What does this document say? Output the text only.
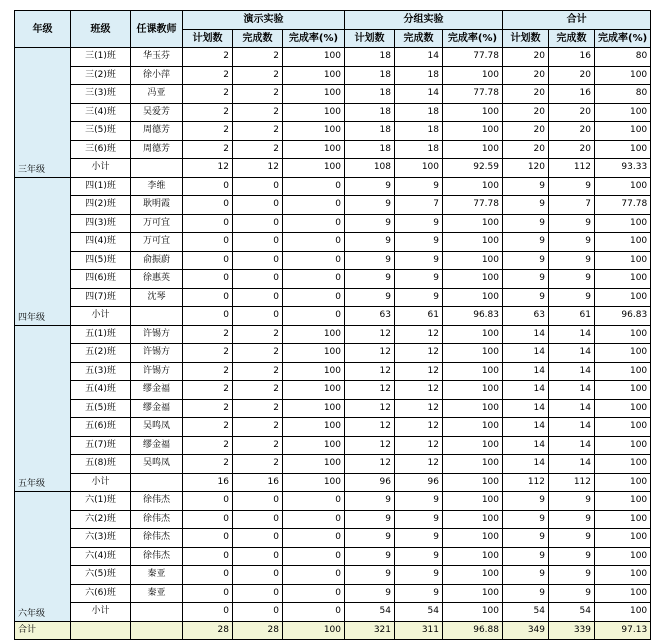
年级	班级	任课教师	演示实验			分组实验			合计		
			计划数	完成数	完成率(%)	计划数	完成数	完成率(%)	计划数	完成数	完成率(%)
三年级	三(1)班	华玉芬	2	2	100	18	14	77.78	20	16	80
	三(2)班	徐小萍	2	2	100	18	18	100	20	20	100
	三(3)班	冯亚	2	2	100	18	14	77.78	20	16	80
	三(4)班	吴爱芳	2	2	100	18	18	100	20	20	100
	三(5)班	周德芳	2	2	100	18	18	100	20	20	100
	三(6)班	周德芳	2	2	100	18	18	100	20	20	100
	小计		12	12	100	108	100	92.59	120	112	93.33
四年级	四(1)班	李维	0	0	0	9	9	100	9	9	100
	四(2)班	耿明霞	0	0	0	9	7	77.78	9	7	77.78
	四(3)班	万可宜	0	0	0	9	9	100	9	9	100
	四(4)班	万可宜	0	0	0	9	9	100	9	9	100
	四(5)班	俞振蔚	0	0	0	9	9	100	9	9	100
	四(6)班	徐惠英	0	0	0	9	9	100	9	9	100
	四(7)班	沈琴	0	0	0	9	9	100	9	9	100
	小计		0	0	0	63	61	96.83	63	61	96.83
五年级	五(1)班	许锡方	2	2	100	12	12	100	14	14	100
	五(2)班	许锡方	2	2	100	12	12	100	14	14	100
	五(3)班	许锡方	2	2	100	12	12	100	14	14	100
	五(4)班	缪金福	2	2	100	12	12	100	14	14	100
	五(5)班	缪金福	2	2	100	12	12	100	14	14	100
	五(6)班	吴鸣凤	2	2	100	12	12	100	14	14	100
	五(7)班	缪金福	2	2	100	12	12	100	14	14	100
	五(8)班	吴鸣凤	2	2	100	12	12	100	14	14	100
	小计		16	16	100	96	96	100	112	112	100
六年级	六(1)班	徐伟杰	0	0	0	9	9	100	9	9	100
	六(2)班	徐伟杰	0	0	0	9	9	100	9	9	100
	六(3)班	徐伟杰	0	0	0	9	9	100	9	9	100
	六(4)班	徐伟杰	0	0	0	9	9	100	9	9	100
	六(5)班	秦亚	0	0	0	9	9	100	9	9	100
	六(6)班	秦亚	0	0	0	9	9	100	9	9	100
	小计		0	0	0	54	54	100	54	54	100
合计			28	28	100	321	311	96.88	349	339	97.13
